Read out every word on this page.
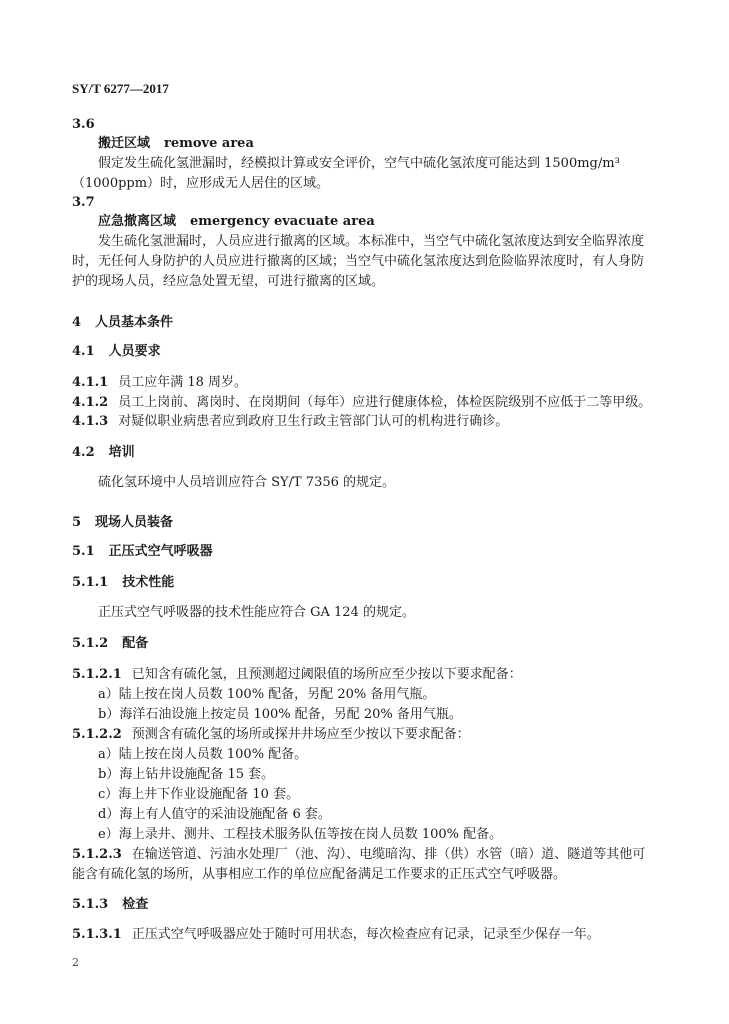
SY/T 6277—2017
3.6
搬迁区域 remove area
假定发生硫化氢泄漏时，经模拟计算或安全评价，空气中硫化氢浓度可能达到 1500mg/m³
（1000ppm）时，应形成无人居住的区域。
3.7
应急撤离区域 emergency evacuate area
发生硫化氢泄漏时，人员应进行撤离的区域。本标准中，当空气中硫化氢浓度达到安全临界浓度
时，无任何人身防护的人员应进行撤离的区域；当空气中硫化氢浓度达到危险临界浓度时，有人身防
护的现场人员，经应急处置无望，可进行撤离的区域。
4 人员基本条件
4.1 人员要求
4.1.1 员工应年满 18 周岁。
4.1.2 员工上岗前、离岗时、在岗期间（每年）应进行健康体检，体检医院级别不应低于二等甲级。
4.1.3 对疑似职业病患者应到政府卫生行政主管部门认可的机构进行确诊。
4.2 培训
硫化氢环境中人员培训应符合 SY/T 7356 的规定。
5 现场人员装备
5.1 正压式空气呼吸器
5.1.1 技术性能
正压式空气呼吸器的技术性能应符合 GA 124 的规定。
5.1.2 配备
5.1.2.1 已知含有硫化氢，且预测超过阈限值的场所应至少按以下要求配备：
a）陆上按在岗人员数 100% 配备，另配 20% 备用气瓶。
b）海洋石油设施上按定员 100% 配备，另配 20% 备用气瓶。
5.1.2.2 预测含有硫化氢的场所或探井井场应至少按以下要求配备：
a）陆上按在岗人员数 100% 配备。
b）海上钻井设施配备 15 套。
c）海上井下作业设施配备 10 套。
d）海上有人值守的采油设施配备 6 套。
e）海上录井、测井、工程技术服务队伍等按在岗人员数 100% 配备。
5.1.2.3 在输送管道、污油水处理厂（池、沟）、电缆暗沟、排（供）水管（暗）道、隧道等其他可
能含有硫化氢的场所，从事相应工作的单位应配备满足工作要求的正压式空气呼吸器。
5.1.3 检查
5.1.3.1 正压式空气呼吸器应处于随时可用状态，每次检查应有记录，记录至少保存一年。
2
